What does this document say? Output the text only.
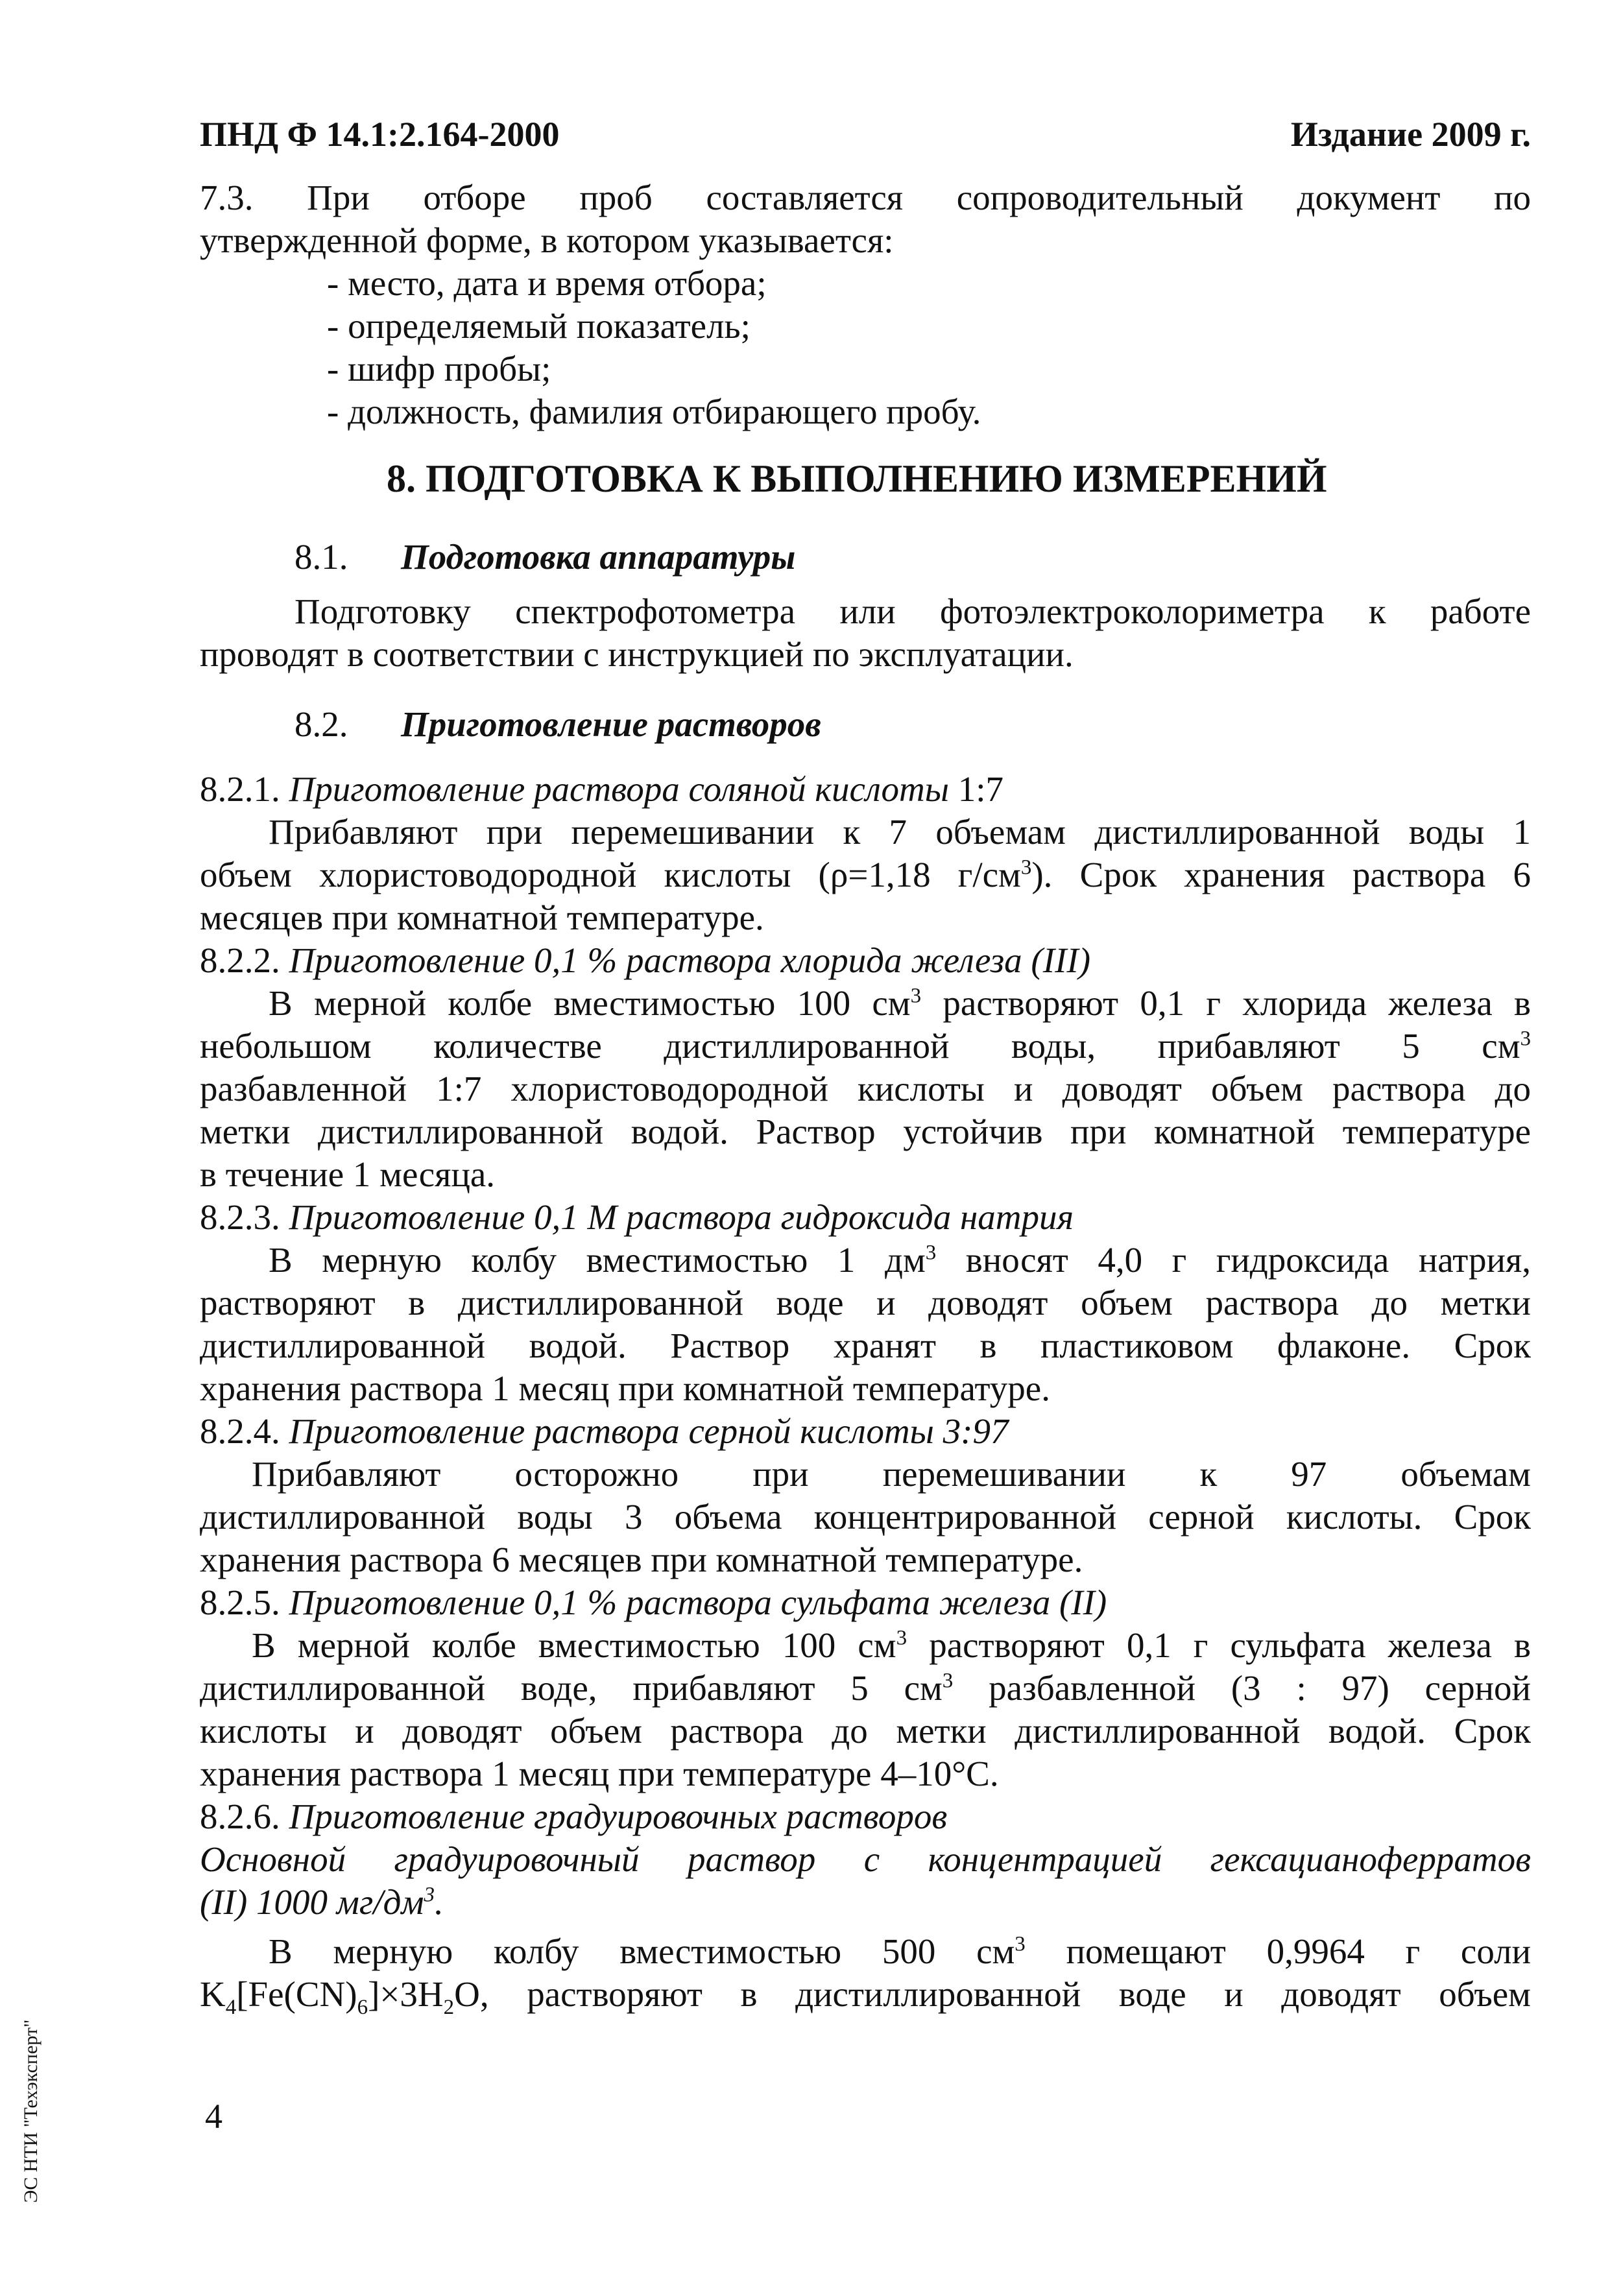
ПНД Ф 14.1:2.164-2000	Издание 2009 г.

7.3. При отборе проб составляется сопроводительный документ по

утвержденной форме, в котором указывается:

- место, дата и время отбора;

- определяемый показатель;

- шифр пробы;

- должность, фамилия отбирающего пробу.

8. ПОДГОТОВКА К ВЫПОЛНЕНИЮ ИЗМЕРЕНИЙ

8.1. Подготовка аппаратуры

Подготовку спектрофотометра или фотоэлектроколориметра к работе

проводят в соответствии с инструкцией по эксплуатации.

8.2. Приготовление растворов

8.2.1. Приготовление раствора соляной кислоты 1:7

Прибавляют при перемешивании к 7 объемам дистиллированной воды 1

объем хлористоводородной кислоты (ρ=1,18 $г/см^3$). Срок хранения раствора 6

месяцев при комнатной температуре.

8.2.2. Приготовление 0,1 % раствора хлорида железа (III)

В мерной колбе вместимостью 100 $см^3$ растворяют 0,1 г хлорида железа в

небольшом количестве дистиллированной воды, прибавляют 5 $см^3$

разбавленной 1:7 хлористоводородной кислоты и доводят объем раствора до

метки дистиллированной водой. Раствор устойчив при комнатной температуре

в течение 1 месяца.

8.2.3. Приготовление 0,1 М раствора гидроксида натрия

В мерную колбу вместимостью 1 $дм^3$ вносят 4,0 г гидроксида натрия,

растворяют в дистиллированной воде и доводят объем раствора до метки

дистиллированной водой. Раствор хранят в пластиковом флаконе. Срок

хранения раствора 1 месяц при комнатной температуре.

8.2.4. Приготовление раствора серной кислоты 3:97

Прибавляют осторожно при перемешивании к 97 объемам

дистиллированной воды 3 объема концентрированной серной кислоты. Срок

хранения раствора 6 месяцев при комнатной температуре.

8.2.5. Приготовление 0,1 % раствора сульфата железа (II)

В мерной колбе вместимостью 100 $см^3$ растворяют 0,1 г сульфата железа в

дистиллированной воде, прибавляют 5 $см^3$ разбавленной (3 : 97) серной

кислоты и доводят объем раствора до метки дистиллированной водой. Срок

хранения раствора 1 месяц при температуре 4–10°С.

8.2.6. Приготовление градуировочных растворов

Основной градуировочный раствор с концентрацией гексацианоферратов

(II) 1000 $мг/дм^3$.

В мерную колбу вместимостью 500 $см^3$ помещают 0,9964 г соли

$K_4[Fe(CN)_6]\times 3H_2O$, растворяют в дистиллированной воде и доводят объем

ЭС НТИ "Техэксперт"	4
